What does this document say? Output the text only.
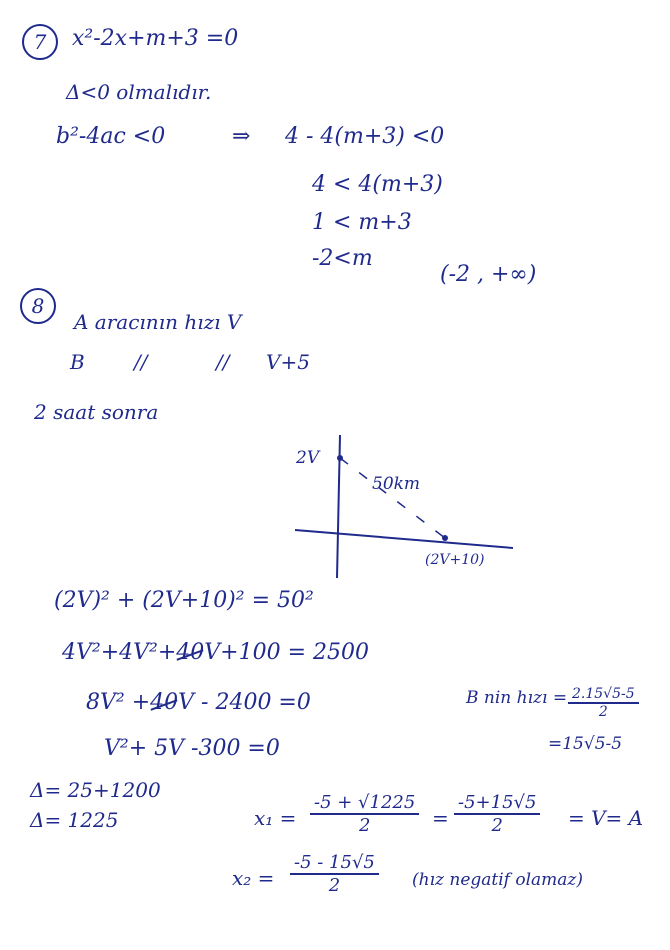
7	x²-2x+m+3 =0
Δ<0 olmalıdır.
b²-4ac <0	⇒ 4 - 4(m+3) <0
4 < 4(m+3)
1 < m+3
-2<m
(-2 , +∞)
8
A aracının hızı V
B //	// V+5
2 saat sonra
2V
50km
(2V+10)
(2V)² + (2V+10)² = 50²
4V²+4V²+40V+100 = 2500
8V² +40V - 2400 =0
V²+ 5V -300 =0
B nin hızı = $\frac{2.15√5-5}{2}$
=15√5-5
Δ= 25+1200
Δ= 1225	$x_1 = \frac{-5 + √1225}{2} = \frac{-5+15√5}{2} = V= A$
$x_2 = \frac{-5 - 15√5}{2}$ (hız negatif olamaz)
